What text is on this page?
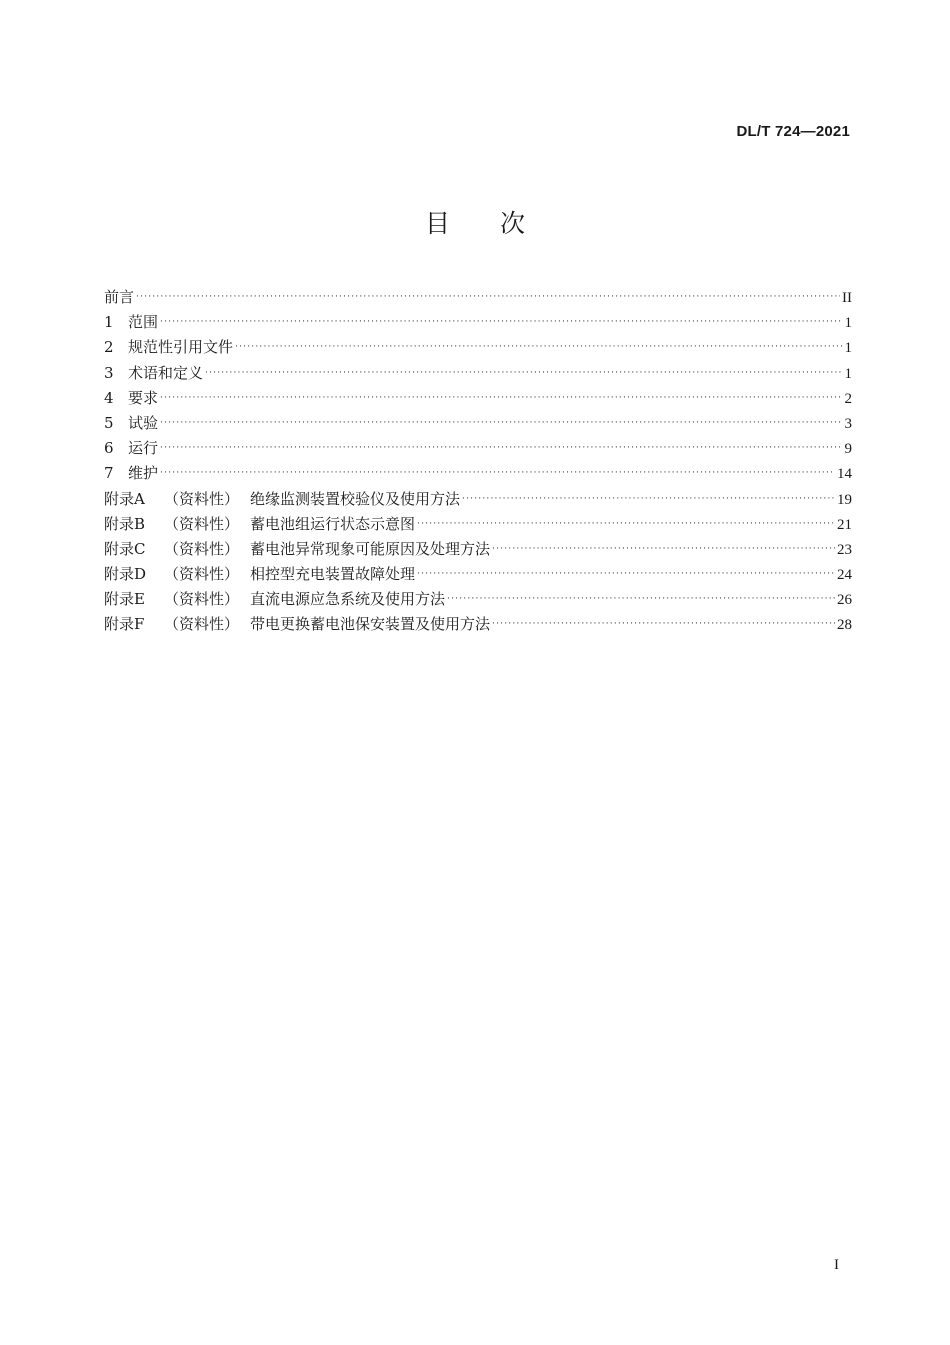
DL/T 724—2021
目 次
前言 ·····	II
1 范围 ·····	1
2 规范性引用文件 ·····	1
3 术语和定义 ·····	1
4 要求 ·····	2
5 试验 ·····	3
6 运行 ·····	9
7 维护 ·····	14
附录A （资料性） 绝缘监测装置校验仪及使用方法 ·····	19
附录B （资料性） 蓄电池组运行状态示意图 ·····	21
附录C （资料性） 蓄电池异常现象可能原因及处理方法 ·····	23
附录D （资料性） 相控型充电装置故障处理 ·····	24
附录E （资料性） 直流电源应急系统及使用方法 ·····	26
附录F （资料性） 带电更换蓄电池保安装置及使用方法 ·····	28
I
